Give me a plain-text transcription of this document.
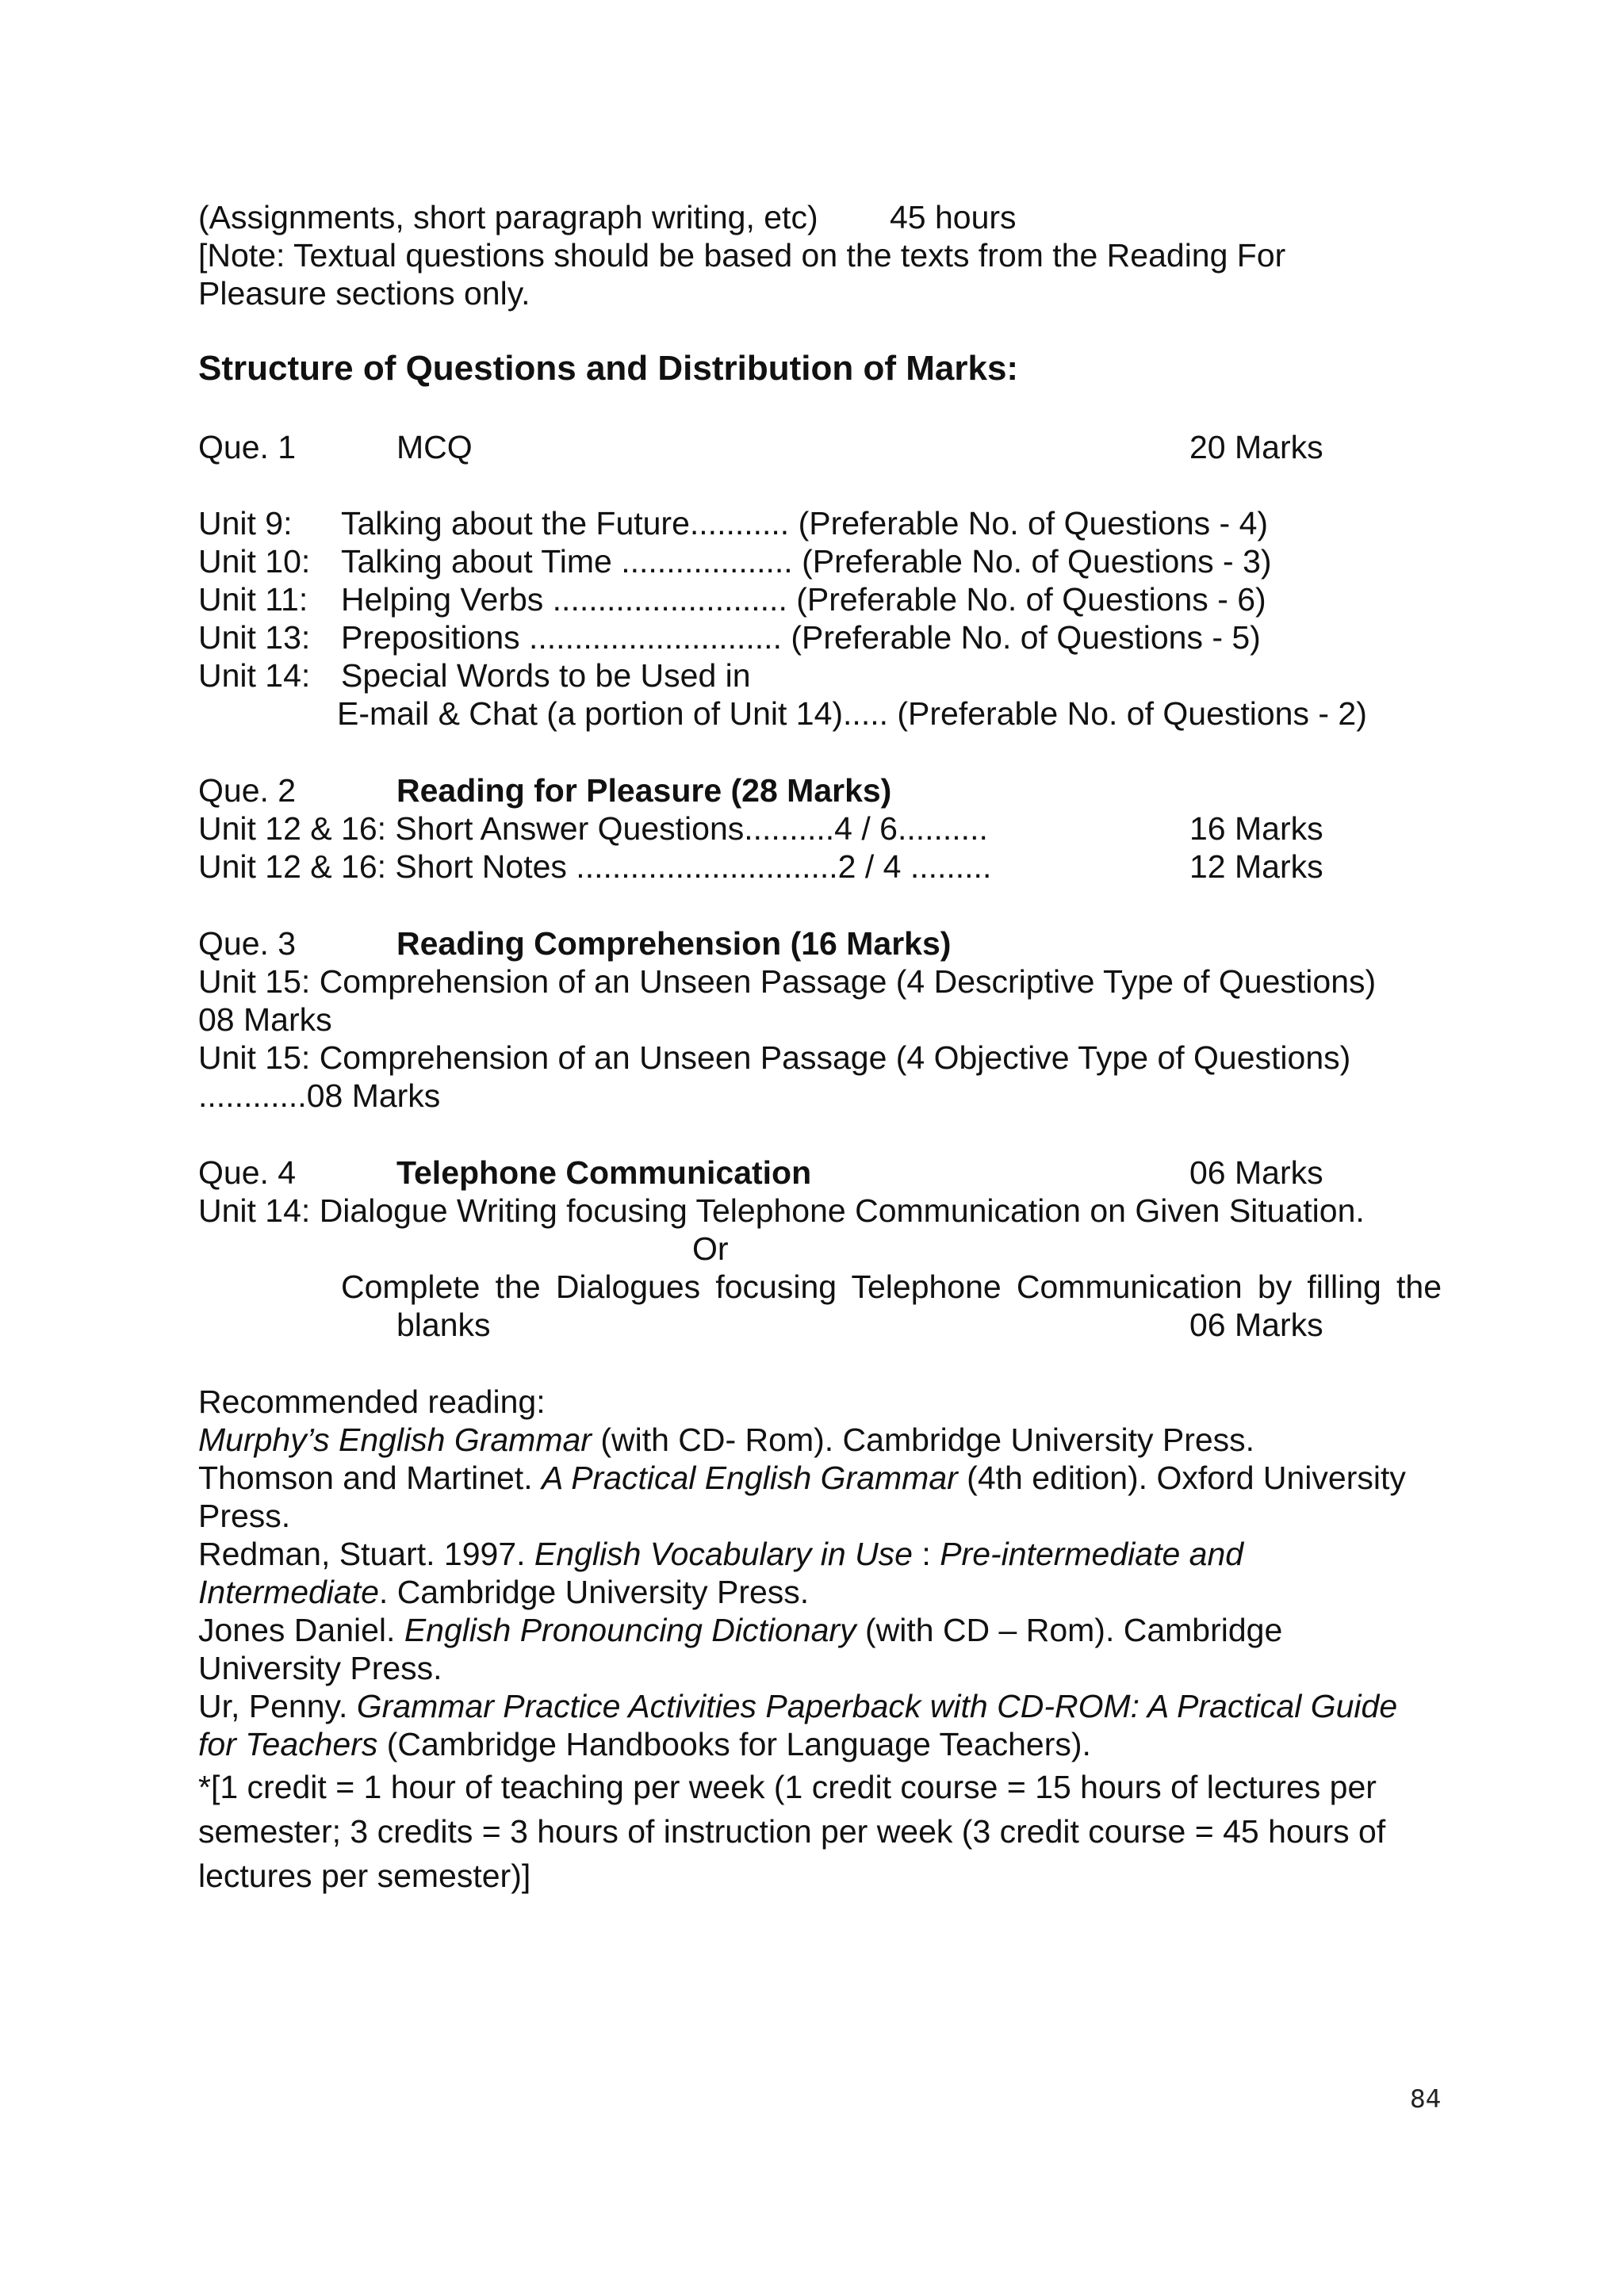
(Assignments, short paragraph writing, etc) 45 hours
[Note: Textual questions should be based on the texts from the Reading For
Pleasure sections only.
Structure of Questions and Distribution of Marks:
Que. 1	MCQ	20 Marks
Unit 9: Talking about the Future........... (Preferable No. of Questions - 4)
Unit 10: Talking about Time ................... (Preferable No. of Questions - 3)
Unit 11: Helping Verbs .......................... (Preferable No. of Questions - 6)
Unit 13: Prepositions ............................ (Preferable No. of Questions - 5)
Unit 14: Special Words to be Used in
E-mail & Chat (a portion of Unit 14)..... (Preferable No. of Questions - 2)
Que. 2	Reading for Pleasure (28 Marks)
Unit 12 & 16: Short Answer Questions..........4 / 6..........	16 Marks
Unit 12 & 16: Short Notes .............................2 / 4 .........	12 Marks
Que. 3	Reading Comprehension (16 Marks)
Unit 15: Comprehension of an Unseen Passage (4 Descriptive Type of Questions)
08 Marks
Unit 15: Comprehension of an Unseen Passage (4 Objective Type of Questions)
............08 Marks
Que. 4	Telephone Communication	06 Marks
Unit 14: Dialogue Writing focusing Telephone Communication on Given Situation.
Or
Complete the Dialogues focusing Telephone Communication by filling the
blanks	06 Marks
Recommended reading:
Murphy’s English Grammar (with CD- Rom). Cambridge University Press.
Thomson and Martinet. A Practical English Grammar (4th edition). Oxford University
Press.
Redman, Stuart. 1997. English Vocabulary in Use : Pre-intermediate and
Intermediate. Cambridge University Press.
Jones Daniel. English Pronouncing Dictionary (with CD – Rom). Cambridge
University Press.
Ur, Penny. Grammar Practice Activities Paperback with CD-ROM: A Practical Guide
for Teachers (Cambridge Handbooks for Language Teachers).
*[1 credit = 1 hour of teaching per week (1 credit course = 15 hours of lectures per
semester; 3 credits = 3 hours of instruction per week (3 credit course = 45 hours of
lectures per semester)]
84
